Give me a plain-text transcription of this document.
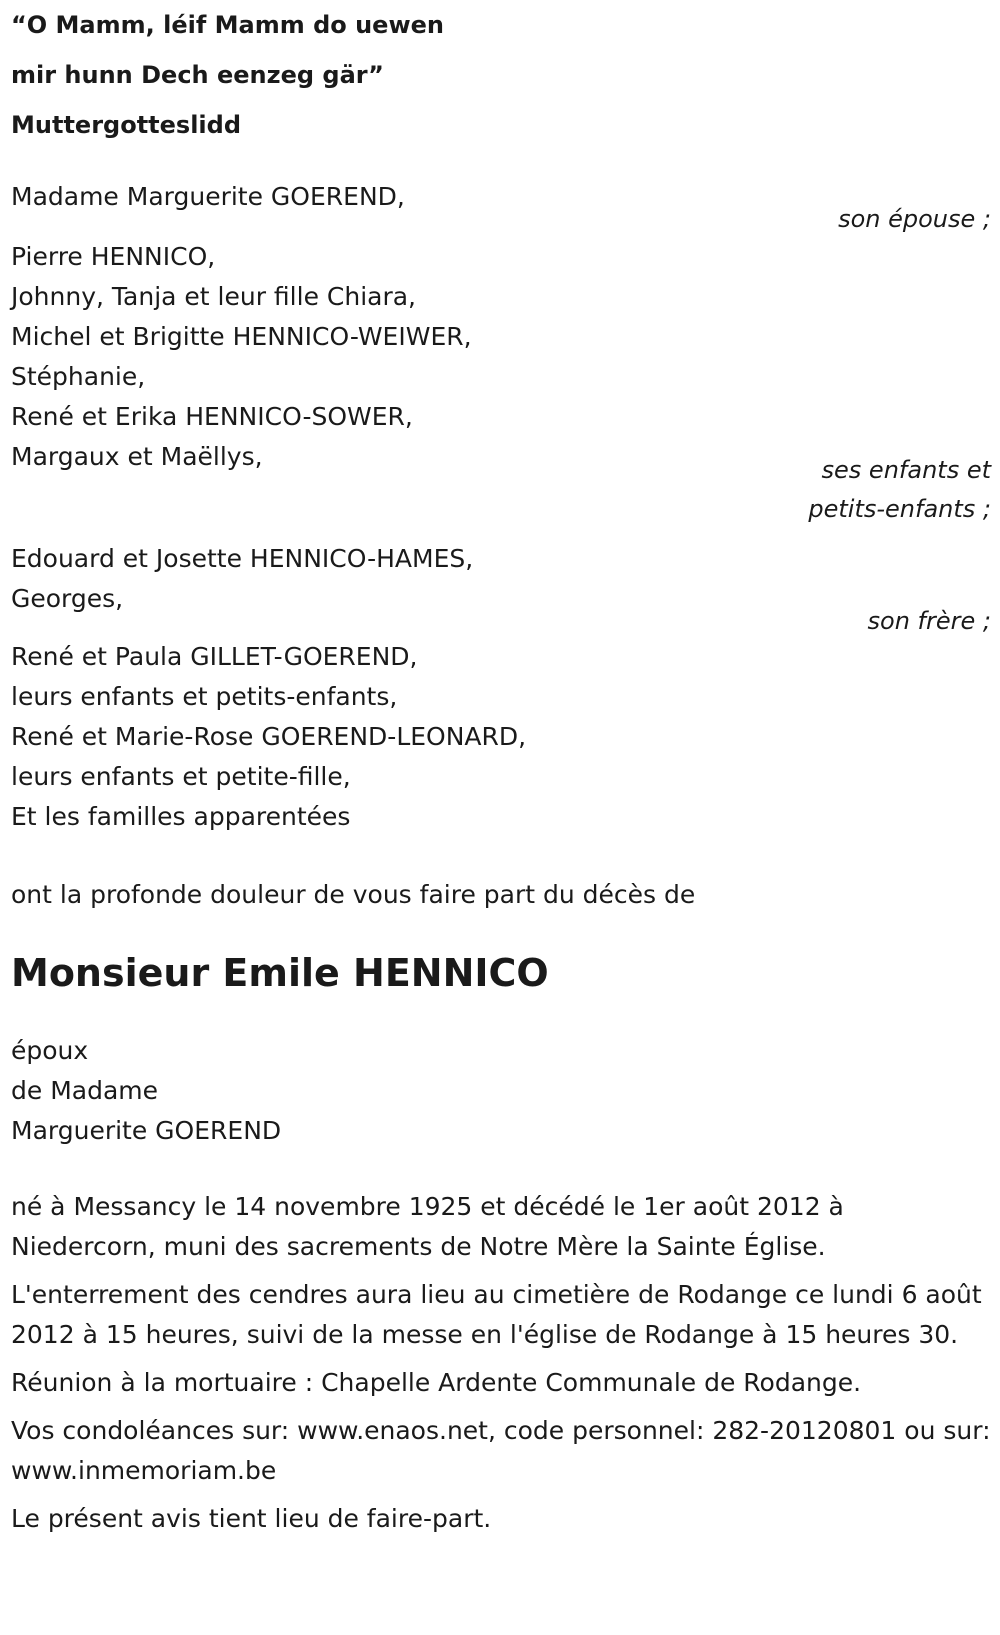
“O Mamm, léif Mamm do uewen
mir hunn Dech eenzeg gär”
Muttergotteslidd
Madame Marguerite GOEREND,
son épouse ;
Pierre HENNICO,
Johnny, Tanja et leur fille Chiara,
Michel et Brigitte HENNICO-WEIWER,
Stéphanie,
René et Erika HENNICO-SOWER,
Margaux et Maëllys,	ses enfants et
petits-enfants ;
Edouard et Josette HENNICO-HAMES,
Georges,
son frère ;
René et Paula GILLET-GOEREND,
leurs enfants et petits-enfants,
René et Marie-Rose GOEREND-LEONARD,
leurs enfants et petite-fille,
Et les familles apparentées
ont la profonde douleur de vous faire part du décès de
Monsieur Emile HENNICO
époux
de Madame
Marguerite GOEREND
né à Messancy le 14 novembre 1925 et décédé le 1er août 2012 à Niedercorn, muni des sacrements de Notre Mère la Sainte Église.
L'enterrement des cendres aura lieu au cimetière de Rodange ce lundi 6 août 2012 à 15 heures, suivi de la messe en l'église de Rodange à 15 heures 30.
Réunion à la mortuaire : Chapelle Ardente Communale de Rodange.
Vos condoléances sur: www.enaos.net, code personnel: 282-20120801 ou sur: www.inmemoriam.be
Le présent avis tient lieu de faire-part.
